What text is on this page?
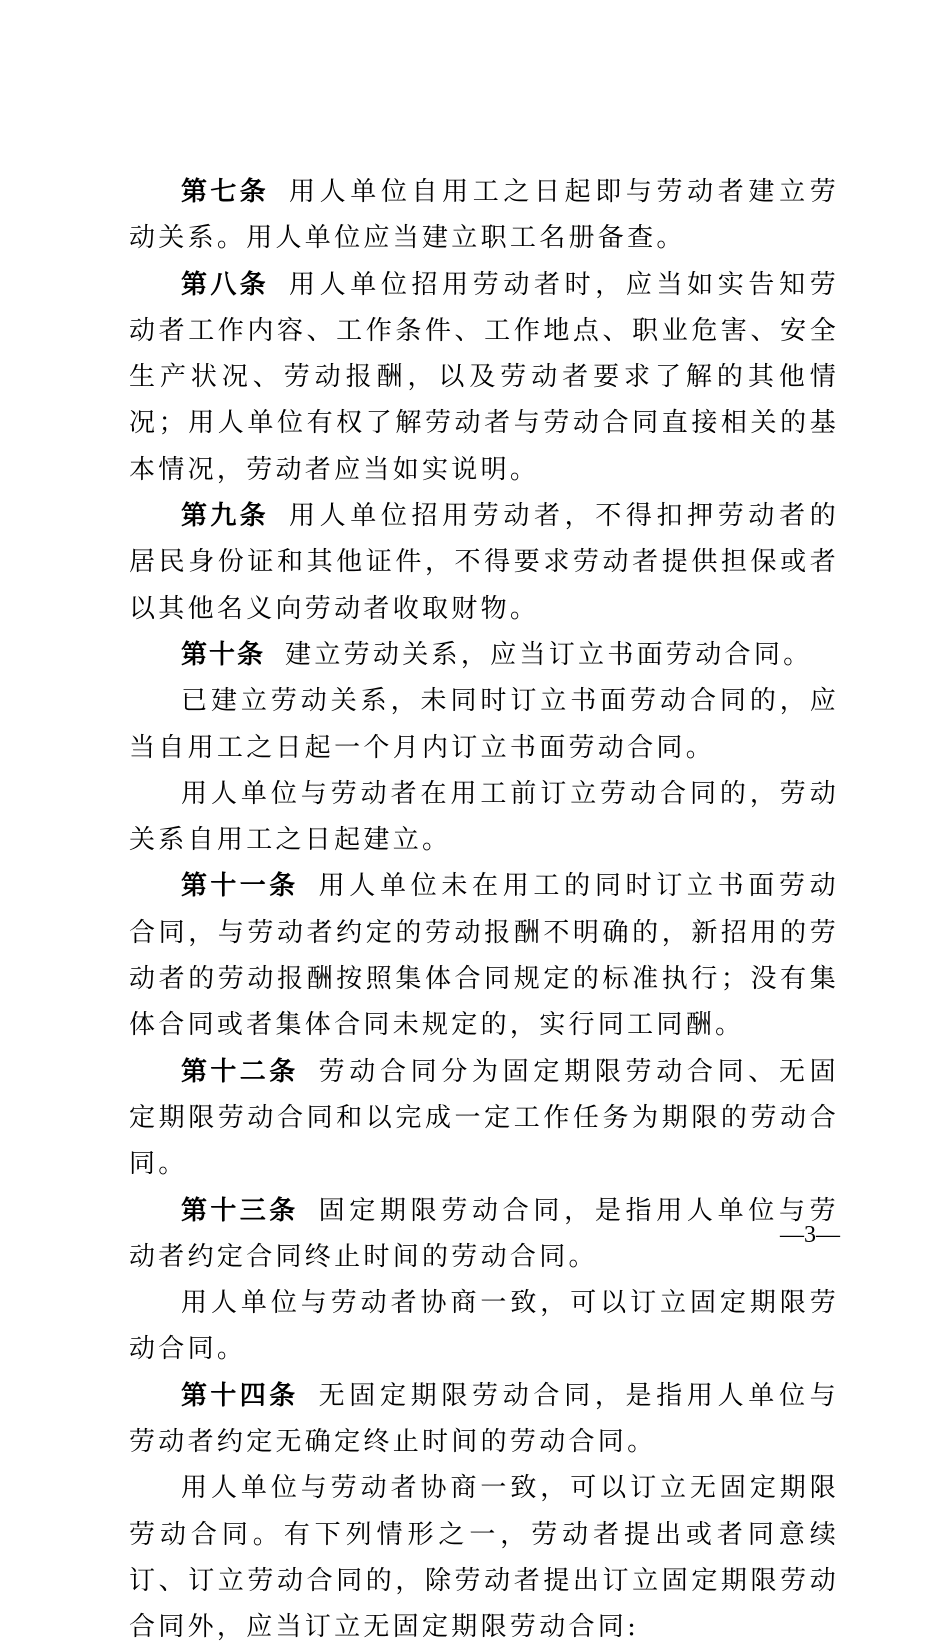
第七条 用人单位自用工之日起即与劳动者建立劳动关系。用人单位应当建立职工名册备查。

第八条 用人单位招用劳动者时，应当如实告知劳动者工作内容、工作条件、工作地点、职业危害、安全生产状况、劳动报酬，以及劳动者要求了解的其他情况；用人单位有权了解劳动者与劳动合同直接相关的基本情况，劳动者应当如实说明。

第九条 用人单位招用劳动者，不得扣押劳动者的居民身份证和其他证件，不得要求劳动者提供担保或者以其他名义向劳动者收取财物。

第十条 建立劳动关系，应当订立书面劳动合同。

已建立劳动关系，未同时订立书面劳动合同的，应当自用工之日起一个月内订立书面劳动合同。

用人单位与劳动者在用工前订立劳动合同的，劳动关系自用工之日起建立。

第十一条 用人单位未在用工的同时订立书面劳动合同，与劳动者约定的劳动报酬不明确的，新招用的劳动者的劳动报酬按照集体合同规定的标准执行；没有集体合同或者集体合同未规定的，实行同工同酬。

第十二条 劳动合同分为固定期限劳动合同、无固定期限劳动合同和以完成一定工作任务为期限的劳动合同。

第十三条 固定期限劳动合同，是指用人单位与劳动者约定合同终止时间的劳动合同。

用人单位与劳动者协商一致，可以订立固定期限劳动合同。

第十四条 无固定期限劳动合同，是指用人单位与劳动者约定无确定终止时间的劳动合同。

用人单位与劳动者协商一致，可以订立无固定期限劳动合同。有下列情形之一，劳动者提出或者同意续订、订立劳动合同的，除劳动者提出订立固定期限劳动合同外，应当订立无固定期限劳动合同:

—3—
